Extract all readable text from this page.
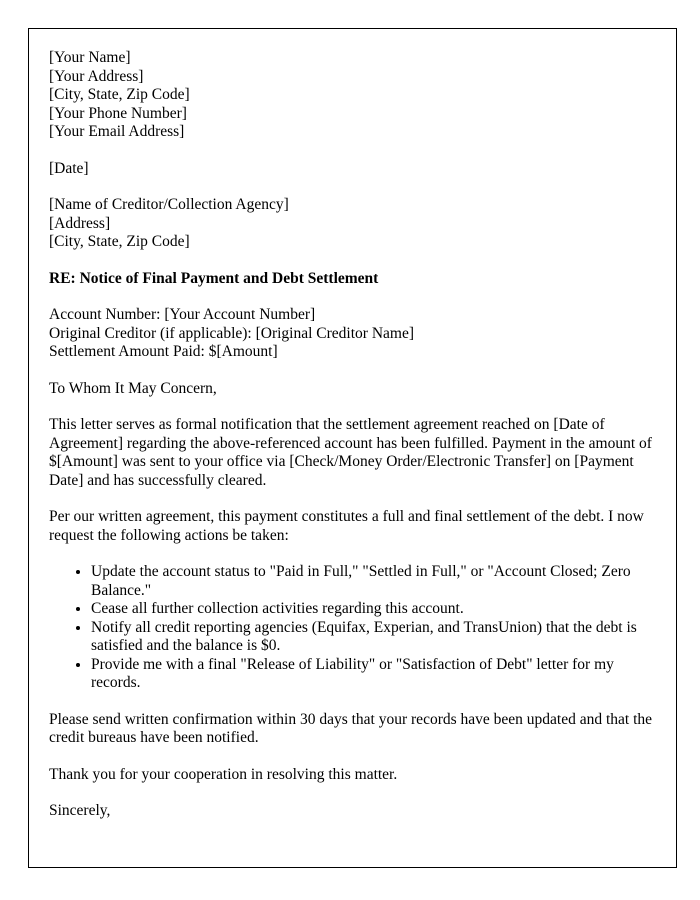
[Your Name]
[Your Address]
[City, State, Zip Code]
[Your Phone Number]
[Your Email Address]
[Date]
[Name of Creditor/Collection Agency]
[Address]
[City, State, Zip Code]
RE: Notice of Final Payment and Debt Settlement
Account Number: [Your Account Number]
Original Creditor (if applicable): [Original Creditor Name]
Settlement Amount Paid: $[Amount]

To Whom It May Concern,

This letter serves as formal notification that the settlement agreement reached on [Date of Agreement] regarding the above-referenced account has been fulfilled. Payment in the amount of $[Amount] was sent to your office via [Check/Money Order/Electronic Transfer] on [Payment Date] and has successfully cleared.

Per our written agreement, this payment constitutes a full and final settlement of the debt. I now request the following actions be taken:

• Update the account status to "Paid in Full," "Settled in Full," or "Account Closed; Zero Balance."
• Cease all further collection activities regarding this account.
• Notify all credit reporting agencies (Equifax, Experian, and TransUnion) that the debt is satisfied and the balance is $0.
• Provide me with a final "Release of Liability" or "Satisfaction of Debt" letter for my records.

Please send written confirmation within 30 days that your records have been updated and that the credit bureaus have been notified.

Thank you for your cooperation in resolving this matter.

Sincerely,
